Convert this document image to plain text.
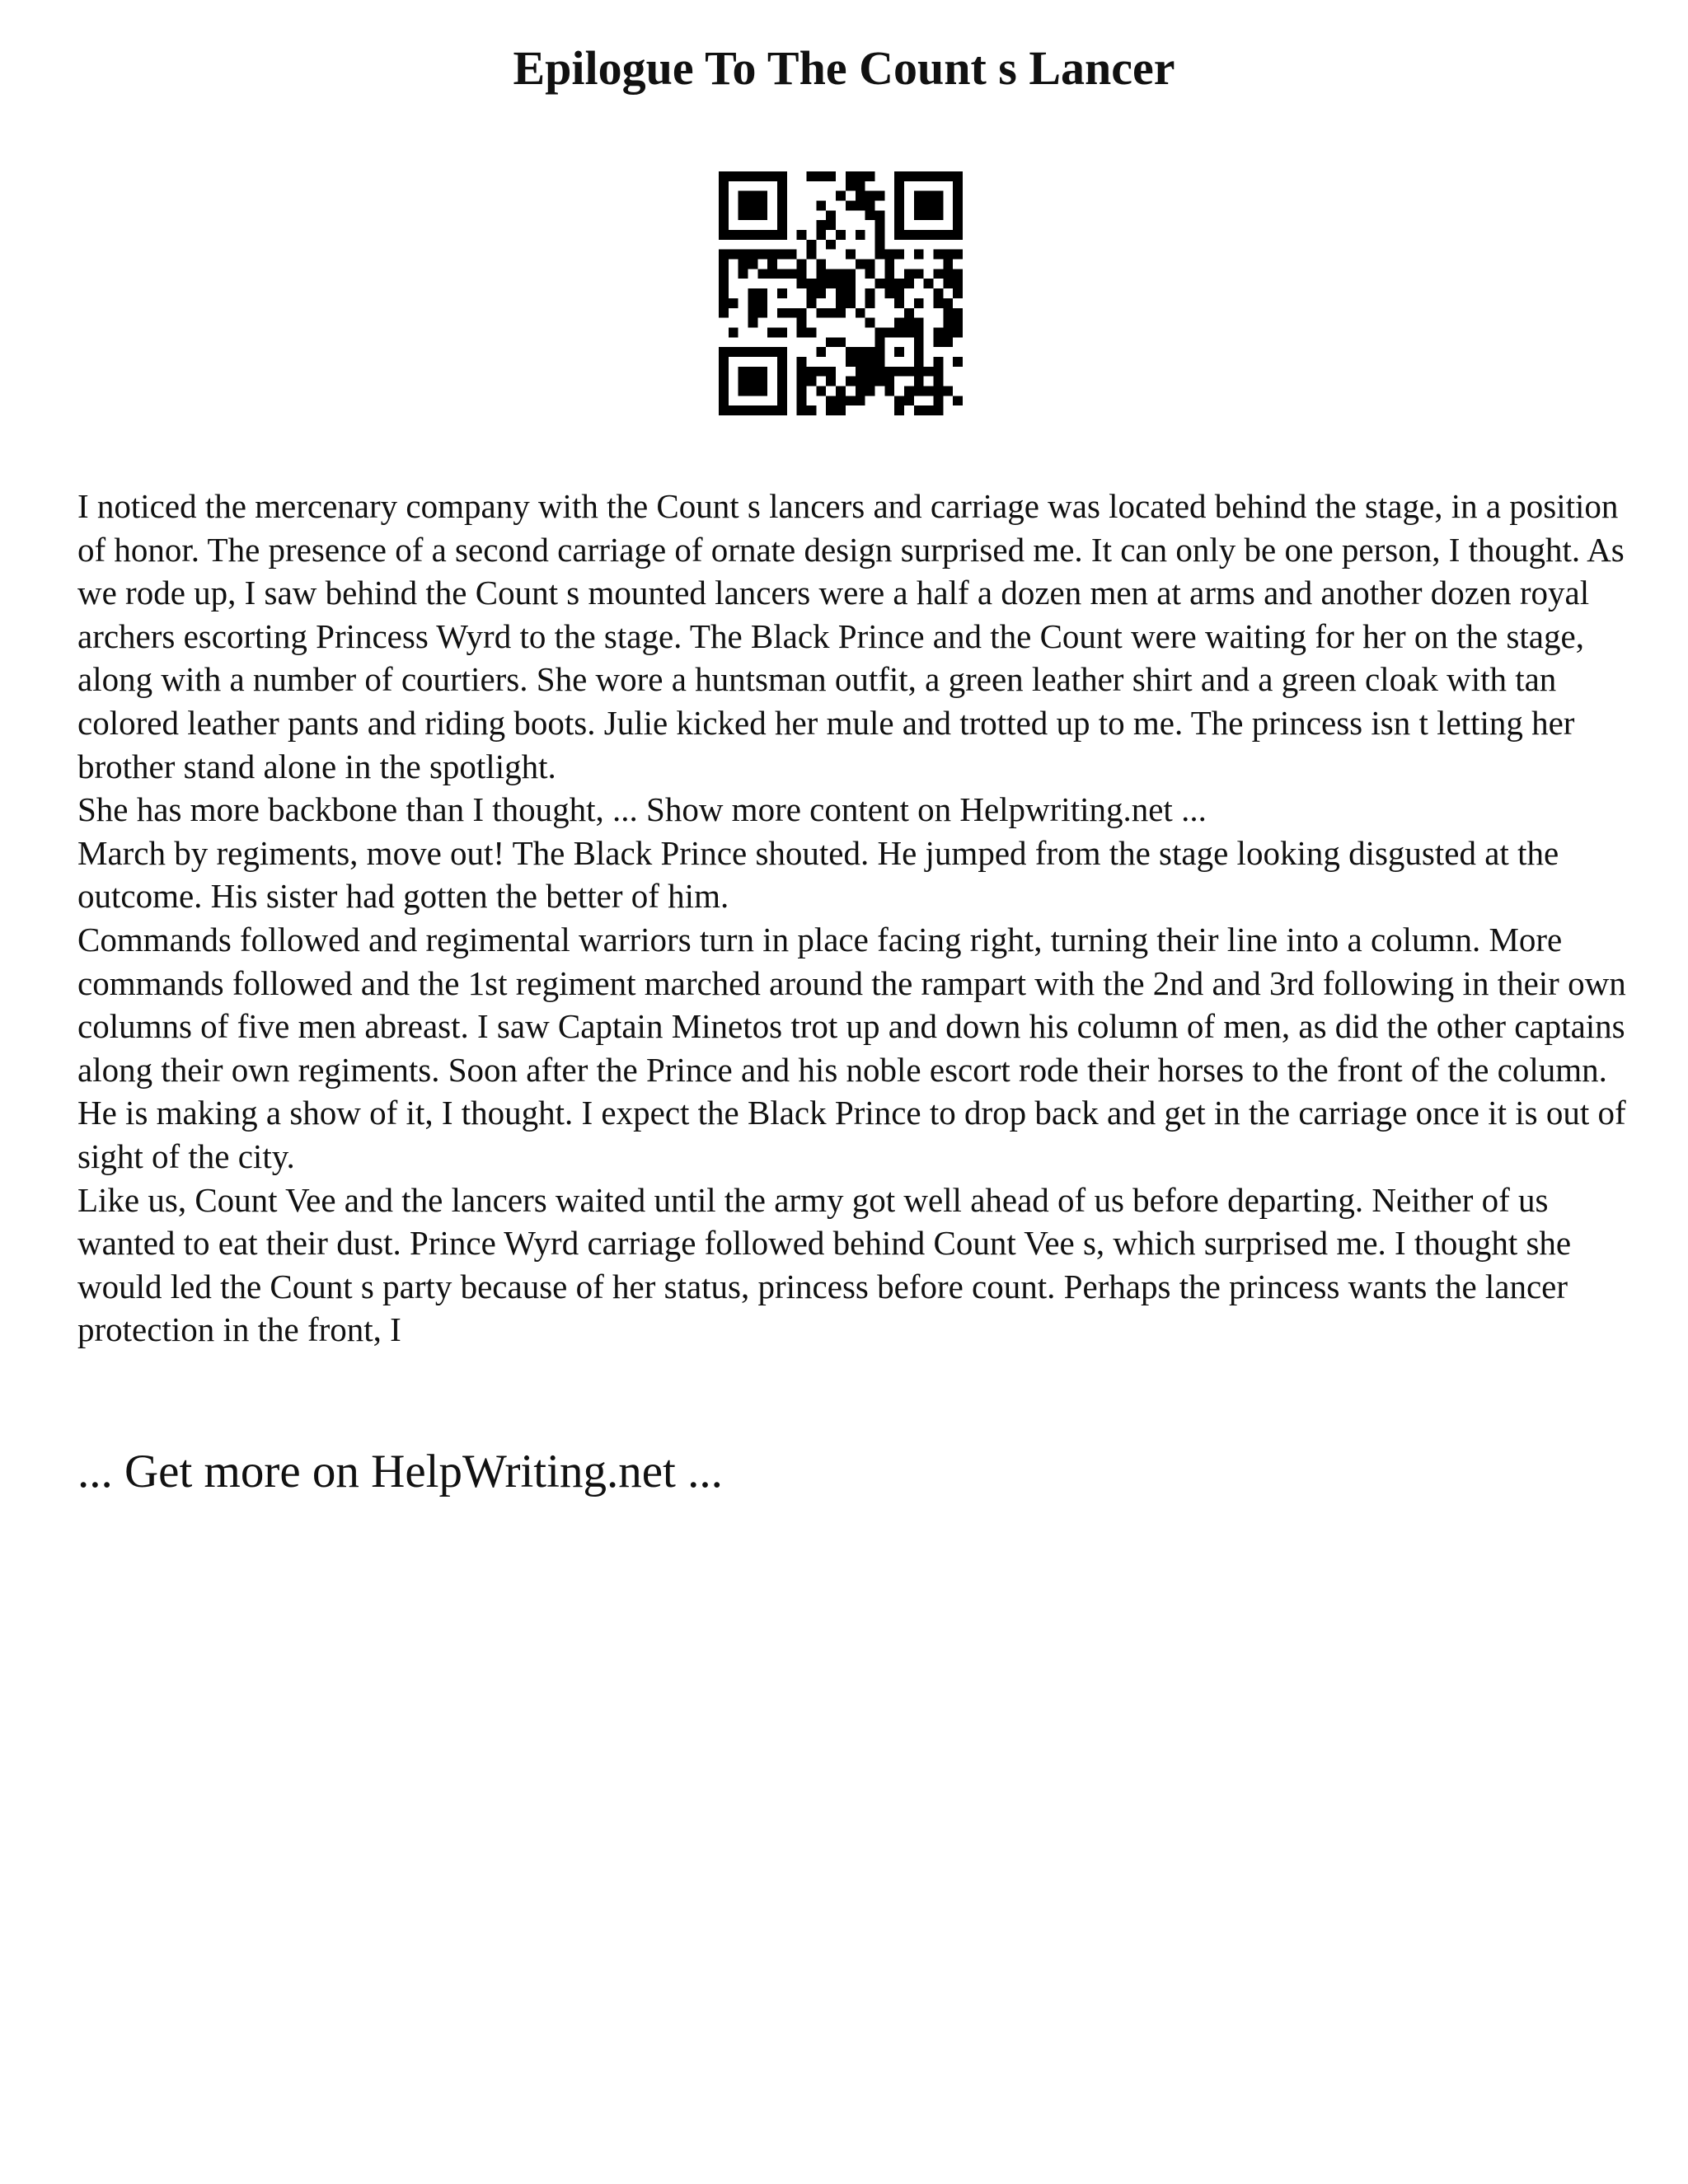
Epilogue To The Count s Lancer

I noticed the mercenary company with the Count s lancers and carriage was located behind the stage, in a position of honor. The presence of a second carriage of ornate design surprised me. It can only be one person, I thought. As we rode up, I saw behind the Count s mounted lancers were a half a dozen men at arms and another dozen royal archers escorting Princess Wyrd to the stage. The Black Prince and the Count were waiting for her on the stage, along with a number of courtiers. She wore a huntsman outfit, a green leather shirt and a green cloak with tan colored leather pants and riding boots. Julie kicked her mule and trotted up to me. The princess isn t letting her brother stand alone in the spotlight.

She has more backbone than I thought, ... Show more content on Helpwriting.net ...

March by regiments, move out! The Black Prince shouted. He jumped from the stage looking disgusted at the outcome. His sister had gotten the better of him.

Commands followed and regimental warriors turn in place facing right, turning their line into a column. More commands followed and the 1st regiment marched around the rampart with the 2nd and 3rd following in their own columns of five men abreast. I saw Captain Minetos trot up and down his column of men, as did the other captains along their own regiments. Soon after the Prince and his noble escort rode their horses to the front of the column. He is making a show of it, I thought. I expect the Black Prince to drop back and get in the carriage once it is out of sight of the city.

Like us, Count Vee and the lancers waited until the army got well ahead of us before departing. Neither of us wanted to eat their dust. Prince Wyrd carriage followed behind Count Vee s, which surprised me. I thought she would led the Count s party because of her status, princess before count. Perhaps the princess wants the lancer protection in the front, I

... Get more on HelpWriting.net ...
